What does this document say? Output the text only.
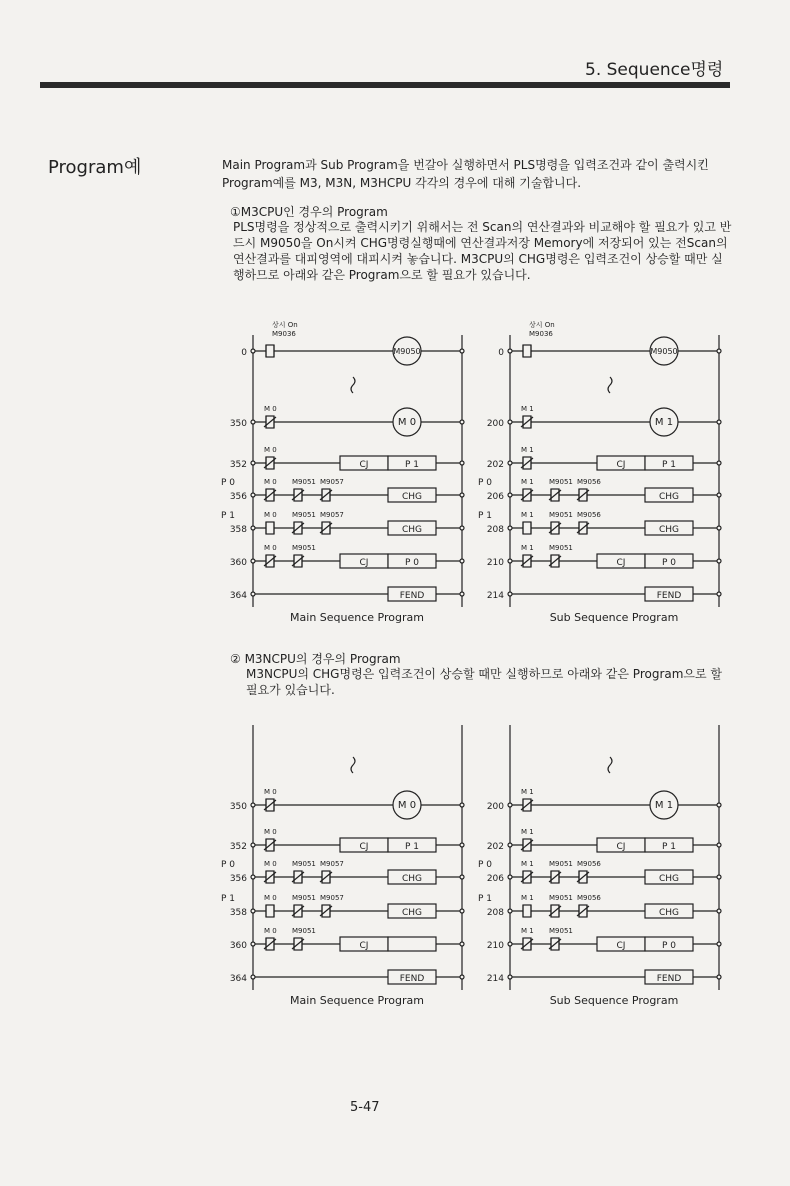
5. Sequence명령
Program예	Main Program과 Sub Program을 번갈아 실행하면서 PLS명령을 입력조건과 같이 출력시킨 Program예를 M3, M3N, M3HCPU 각각의 경우에 대해 기술합니다.
①M3CPU인 경우의 Program
PLS명령을 정상적으로 출력시키기 위해서는 전 Scan의 연산결과와 비교해야 할 필요가 있고 반드시 M9050을 On시켜 CHG명령실행때에 연산결과저장 Memory에 저장되어 있는 전Scan의 연산결과를 대피영역에 대피시켜 놓습니다. M3CPU의 CHG명령은 입력조건이 상승할 때만 실행하므로 아래와 같은 Program으로 할 필요가 있습니다.
0
상시 On
M9036
M9050
350
M 0
M 0
352
M 0
CJ	P 1
356
P 0	M 0 M9051 M9057
CHG
358
P 1	M 0 M9051 M9057
CHG
360
M 0 M9051
CJ	P 0
364	FEND
Main Sequence Program
0
상시 On
M9036
M9050
200
M 1
M 1
202
M 1
CJ	P 1
206
P 0	M 1 M9051 M9056
CHG
208
P 1	M 1 M9051 M9056
CHG
210
M 1 M9051
CJ	P 0
214	FEND
Sub Sequence Program
② M3NCPU의 경우의 Program
M3NCPU의 CHG명령은 입력조건이 상승할 때만 실행하므로 아래와 같은 Program으로 할 필요가 있습니다.
350
M 0
M 0
352
M 0
CJ	P 1
356
P 0	M 0 M9051 M9057
CHG
358
P 1	M 0 M9051 M9057
CHG
360
M 0 M9051
CJ
364	FEND
Main Sequence Program
200
M 1
M 1
202
M 1
CJ	P 1
206
P 0	M 1 M9051 M9056
CHG
208
P 1	M 1 M9051 M9056
CHG
210
M 1 M9051
CJ	P 0
214	FEND
Sub Sequence Program
5-47
